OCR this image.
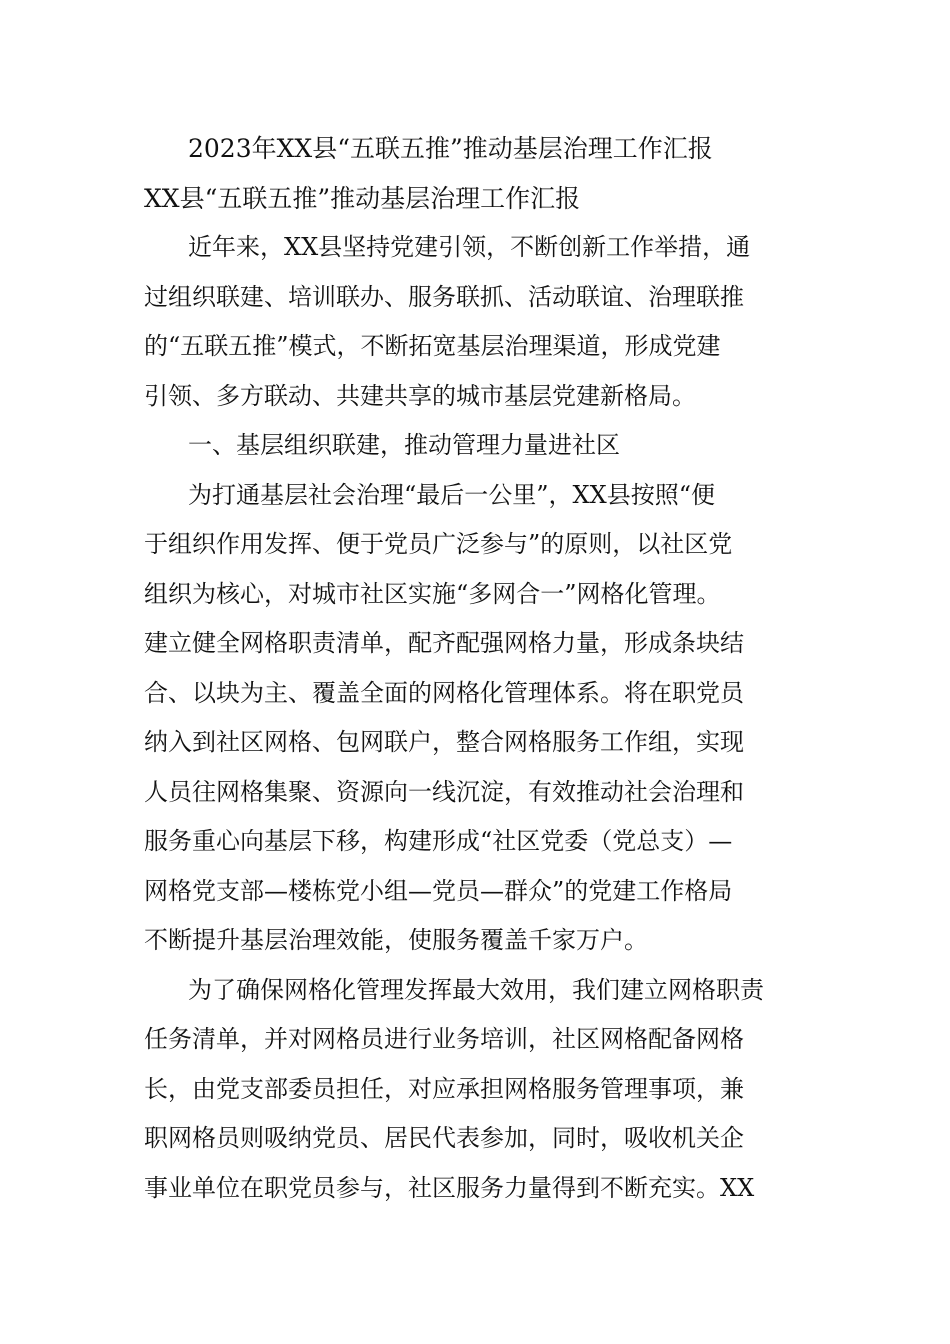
2023年XX县“五联五推”推动基层治理工作汇报
XX县“五联五推”推动基层治理工作汇报
近年来，XX县坚持党建引领，不断创新工作举措，通
过组织联建、培训联办、服务联抓、活动联谊、治理联推
的“五联五推”模式，不断拓宽基层治理渠道，形成党建
引领、多方联动、共建共享的城市基层党建新格局。
一、基层组织联建，推动管理力量进社区
为打通基层社会治理“最后一公里”，XX县按照“便
于组织作用发挥、便于党员广泛参与”的原则，以社区党
组织为核心，对城市社区实施“多网合一”网格化管理。
建立健全网格职责清单，配齐配强网格力量，形成条块结
合、以块为主、覆盖全面的网格化管理体系。将在职党员
纳入到社区网格、包网联户，整合网格服务工作组，实现
人员往网格集聚、资源向一线沉淀，有效推动社会治理和
服务重心向基层下移，构建形成“社区党委（党总支）—
网格党支部—楼栋党小组—党员—群众”的党建工作格局
不断提升基层治理效能，使服务覆盖千家万户。
为了确保网格化管理发挥最大效用，我们建立网格职责
任务清单，并对网格员进行业务培训，社区网格配备网格
长，由党支部委员担任，对应承担网格服务管理事项，兼
职网格员则吸纳党员、居民代表参加，同时，吸收机关企
事业单位在职党员参与，社区服务力量得到不断充实。XX
